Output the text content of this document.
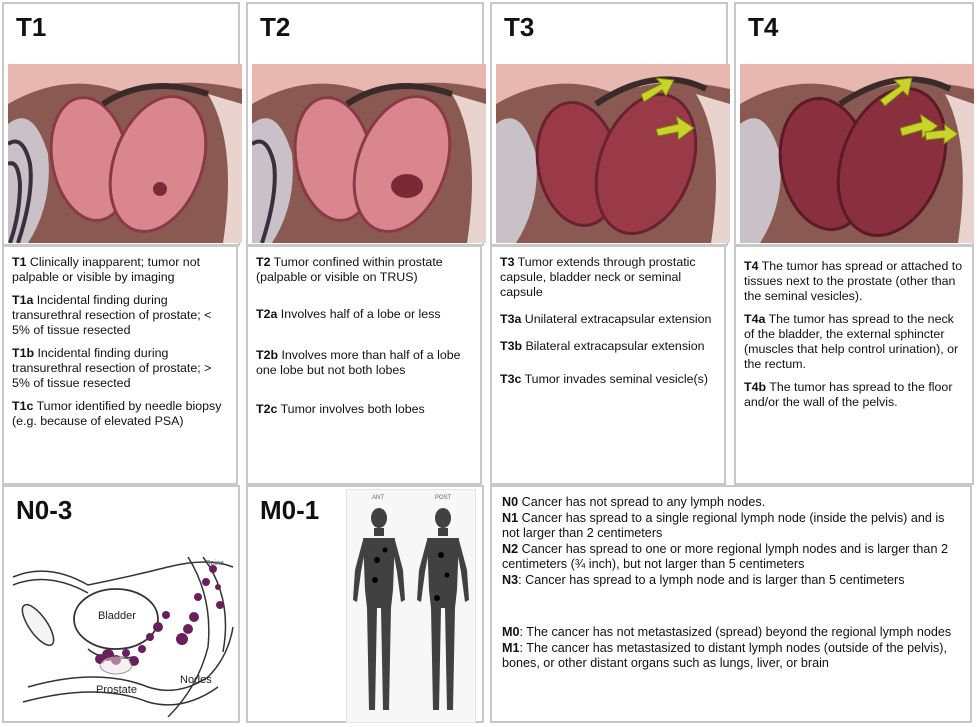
T1	T2	T3	T4

T1 Clinically inapparent; tumor not palpable or visible by imaging

T1a Incidental finding during transurethral resection of prostate; < 5% of tissue resected

T1b Incidental finding during transurethral resection of prostate; > 5% of tissue resected

T1c Tumor identified by needle biopsy (e.g. because of elevated PSA)

T2 Tumor confined within prostate (palpable or visible on TRUS)

T2a Involves half of a lobe or less

T2b Involves more than half of a lobe one lobe but not both lobes

T2c Tumor involves both lobes

T3 Tumor extends through prostatic capsule, bladder neck or seminal capsule

T3a Unilateral extracapsular extension

T3b Bilateral extracapsular extension

T3c Tumor invades seminal vesicle(s)

T4 The tumor has spread or attached to tissues next to the prostate (other than the seminal vesicles).

T4a The tumor has spread to the neck of the bladder, the external sphincter (muscles that help control urination), or the rectum.

T4b The tumor has spread to the floor and/or the wall of the pelvis.

N0-3
Bladder
Prostate
Nodes
Spine
M0-1	ANT	POST	N0 Cancer has not spread to any lymph nodes.

N1 Cancer has spread to a single regional lymph node (inside the pelvis) and is not larger than 2 centimeters

N2 Cancer has spread to one or more regional lymph nodes and is larger than 2 centimeters (¾ inch), but not larger than 5 centimeters

N3: Cancer has spread to a lymph node and is larger than 5 centimeters

M0: The cancer has not metastasized (spread) beyond the regional lymph nodes

M1: The cancer has metastasized to distant lymph nodes (outside of the pelvis), bones, or other distant organs such as lungs, liver, or brain
